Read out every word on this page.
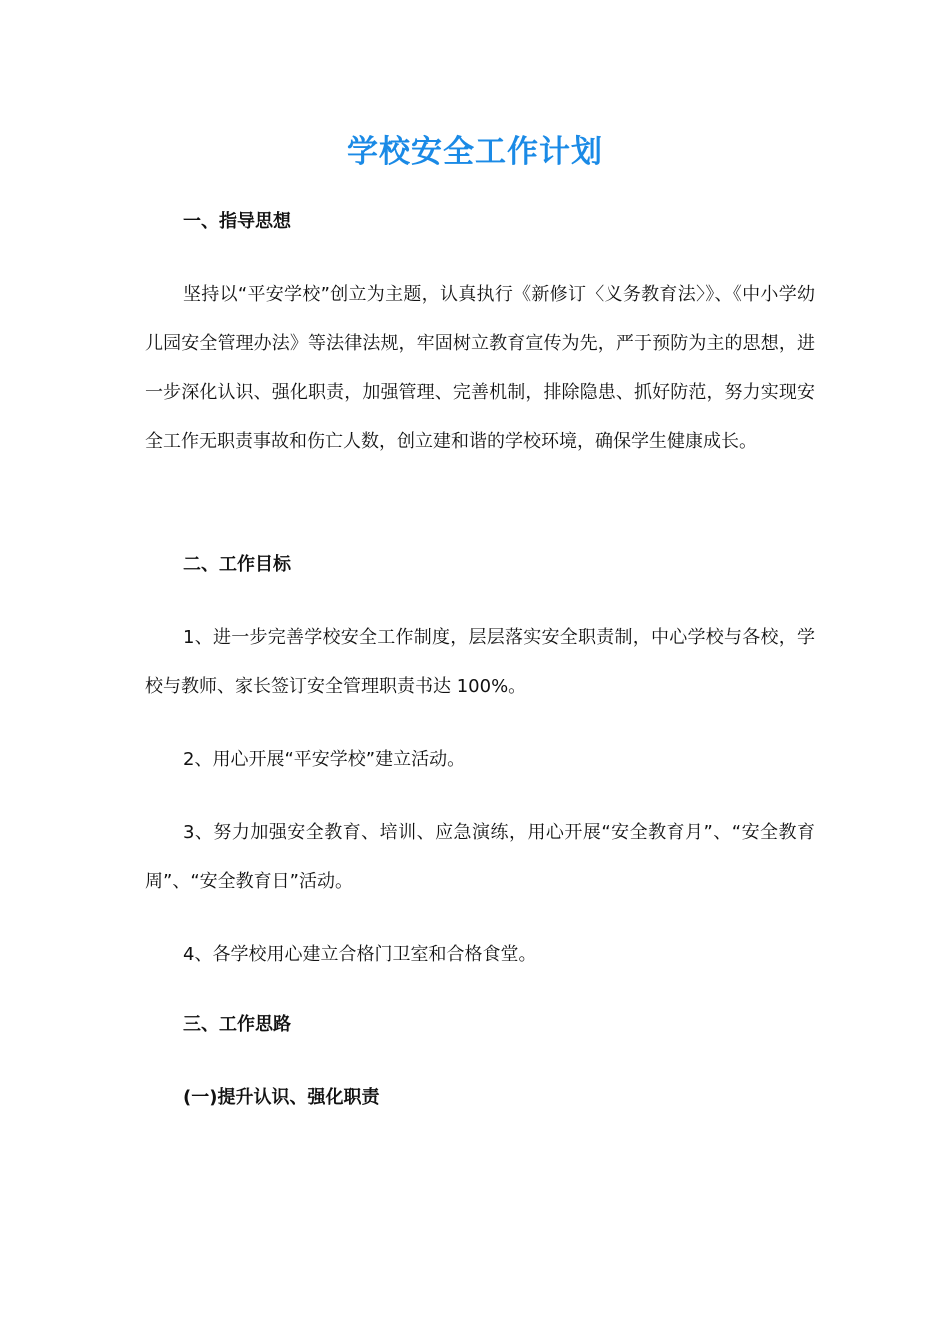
学校安全工作计划
一、指导思想

坚持以“平安学校”创立为主题，认真执行《新修订〈义务教育法〉》、《中小学幼儿园安全管理办法》等法律法规，牢固树立教育宣传为先，严于预防为主的思想，进一步深化认识、强化职责，加强管理、完善机制，排除隐患、抓好防范，努力实现安全工作无职责事故和伤亡人数，创立建和谐的学校环境，确保学生健康成长。

二、工作目标

1、进一步完善学校安全工作制度，层层落实安全职责制，中心学校与各校，学校与教师、家长签订安全管理职责书达 100%。

2、用心开展“平安学校”建立活动。

3、努力加强安全教育、培训、应急演练，用心开展“安全教育月”、“安全教育周”、“安全教育日”活动。

4、各学校用心建立合格门卫室和合格食堂。

三、工作思路
(一)提升认识、强化职责
